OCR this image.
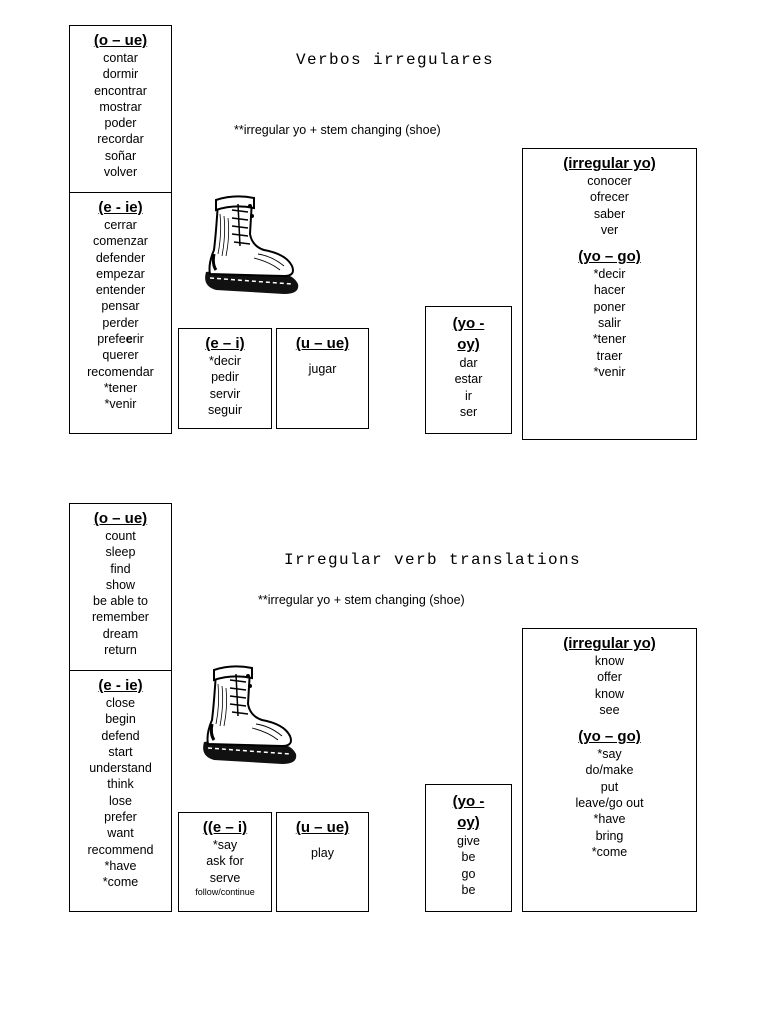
Verbos irregulares
**irregular yo + stem changing (shoe)
(o – ue)
contar
dormir
encontrar
mostrar
poder
recordar
soñar
volver
(e - ie)
cerrar
comenzar
defender
empezar
entender
pensar
perder
prefeerir
querer
recomendar
*tener
*venir
(e – i)
*decir
pedir
servir
seguir
(u – ue)
jugar
(yo -
oy)
dar
estar
ir
ser
(irregular yo)
conocer
ofrecer
saber
ver
(yo – go)
*decir
hacer
poner
salir
*tener
traer
*venir
Irregular verb translations
**irregular yo + stem changing (shoe)
(o – ue)
count
sleep
find
show
be able to
remember
dream
return
(e - ie)
close
begin
defend
start
understand
think
lose
prefer
want
recommend
*have
*come
((e – i)
*say
ask for
serve
follow/continue
(u – ue)
play
(yo -
oy)
give
be
go
be
(irregular yo)
know
offer
know
see
(yo – go)
*say
do/make
put
leave/go out
*have
bring
*come
